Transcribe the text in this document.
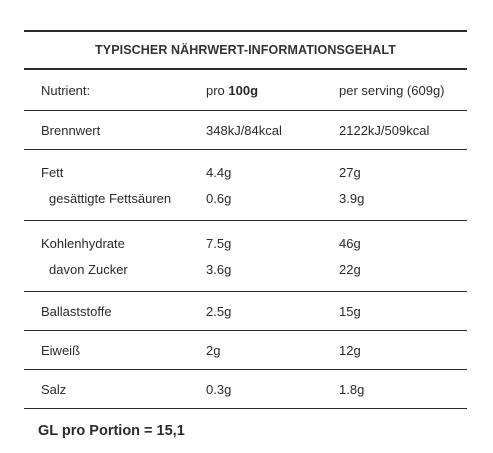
TYPISCHER NÄHRWERT-INFORMATIONSGEHALT
Nutrient:	pro 100g	per serving (609g)
Brennwert	348kJ/84kcal	2122kJ/509kcal
Fett	4.4g	27g
gesättigte Fettsäuren	0.6g	3.9g
Kohlenhydrate	7.5g	46g
davon Zucker	3.6g	22g
Ballaststoffe	2.5g	15g
Eiweiß	2g	12g
Salz	0.3g	1.8g
GL pro Portion = 15,1
